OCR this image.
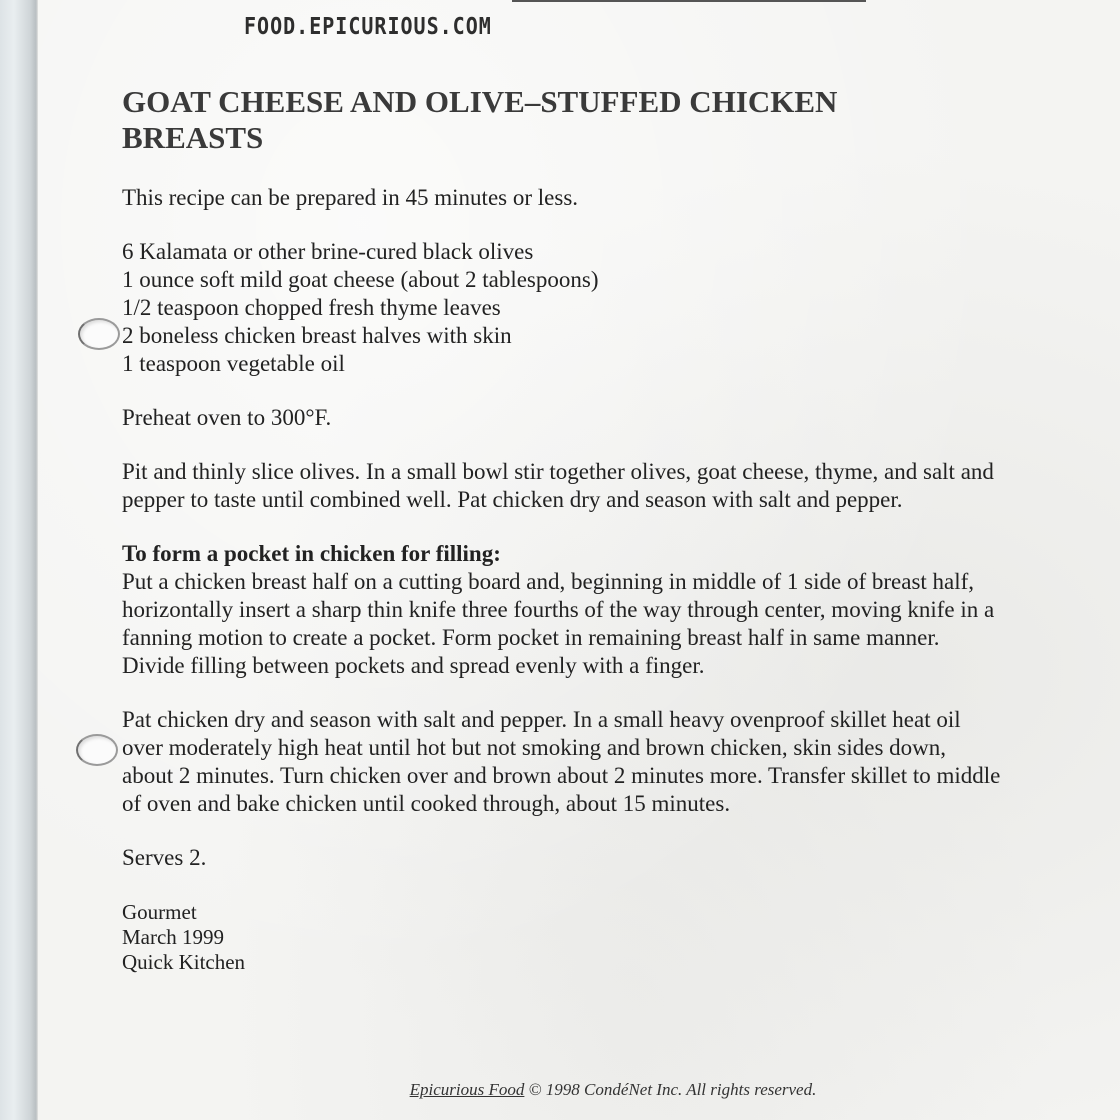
FOOD.EPICURIOUS.COM
GOAT CHEESE AND OLIVE–STUFFED CHICKEN BREASTS
This recipe can be prepared in 45 minutes or less.
6 Kalamata or other brine-cured black olives
1 ounce soft mild goat cheese (about 2 tablespoons)
1/2 teaspoon chopped fresh thyme leaves
2 boneless chicken breast halves with skin
1 teaspoon vegetable oil
Preheat oven to 300°F.
Pit and thinly slice olives. In a small bowl stir together olives, goat cheese, thyme, and salt and pepper to taste until combined well. Pat chicken dry and season with salt and pepper.
To form a pocket in chicken for filling:
Put a chicken breast half on a cutting board and, beginning in middle of 1 side of breast half, horizontally insert a sharp thin knife three fourths of the way through center, moving knife in a fanning motion to create a pocket. Form pocket in remaining breast half in same manner. Divide filling between pockets and spread evenly with a finger.
Pat chicken dry and season with salt and pepper. In a small heavy ovenproof skillet heat oil over moderately high heat until hot but not smoking and brown chicken, skin sides down, about 2 minutes. Turn chicken over and brown about 2 minutes more. Transfer skillet to middle of oven and bake chicken until cooked through, about 15 minutes.
Serves 2.
Gourmet
March 1999
Quick Kitchen
Epicurious Food © 1998 CondéNet Inc. All rights reserved.
